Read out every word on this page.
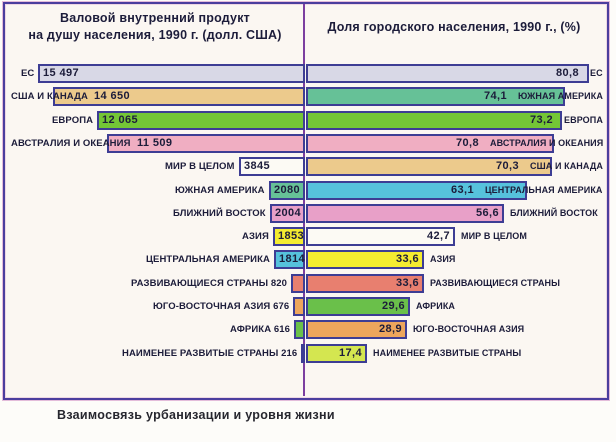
Валовой внутренний продукт
на душу населения, 1990 г. (долл. США)
Доля городского населения, 1990 г., (%)
ЕС 15 497
США И КАНАДА 14 650
ЕВРОПА 12 065
АВСТРАЛИЯ И ОКЕАНИЯ 11 509
МИР В ЦЕЛОМ 3845
ЮЖНАЯ АМЕРИКА 2080
БЛИЖНИЙ ВОСТОК 2004
АЗИЯ 1853
ЦЕНТРАЛЬНАЯ АМЕРИКА 1814
РАЗВИВАЮЩИЕСЯ СТРАНЫ 820
ЮГО-ВОСТОЧНАЯ АЗИЯ 676
АФРИКА 616
НАИМЕНЕЕ РАЗВИТЫЕ СТРАНЫ 216
80,8 ЕС
74,1 ЮЖНАЯ АМЕРИКА
73,2 ЕВРОПА
70,8 АВСТРАЛИЯ И ОКЕАНИЯ
70,3 США И КАНАДА
63,1 ЦЕНТРАЛЬНАЯ АМЕРИКА
56,6 БЛИЖНИЙ ВОСТОК
42,7 МИР В ЦЕЛОМ
33,6 АЗИЯ
33,6 РАЗВИВАЮЩИЕСЯ СТРАНЫ
29,6 АФРИКА
28,9 ЮГО-ВОСТОЧНАЯ АЗИЯ
17,4 НАИМЕНЕЕ РАЗВИТЫЕ СТРАНЫ
Взаимосвязь урбанизации и уровня жизни
